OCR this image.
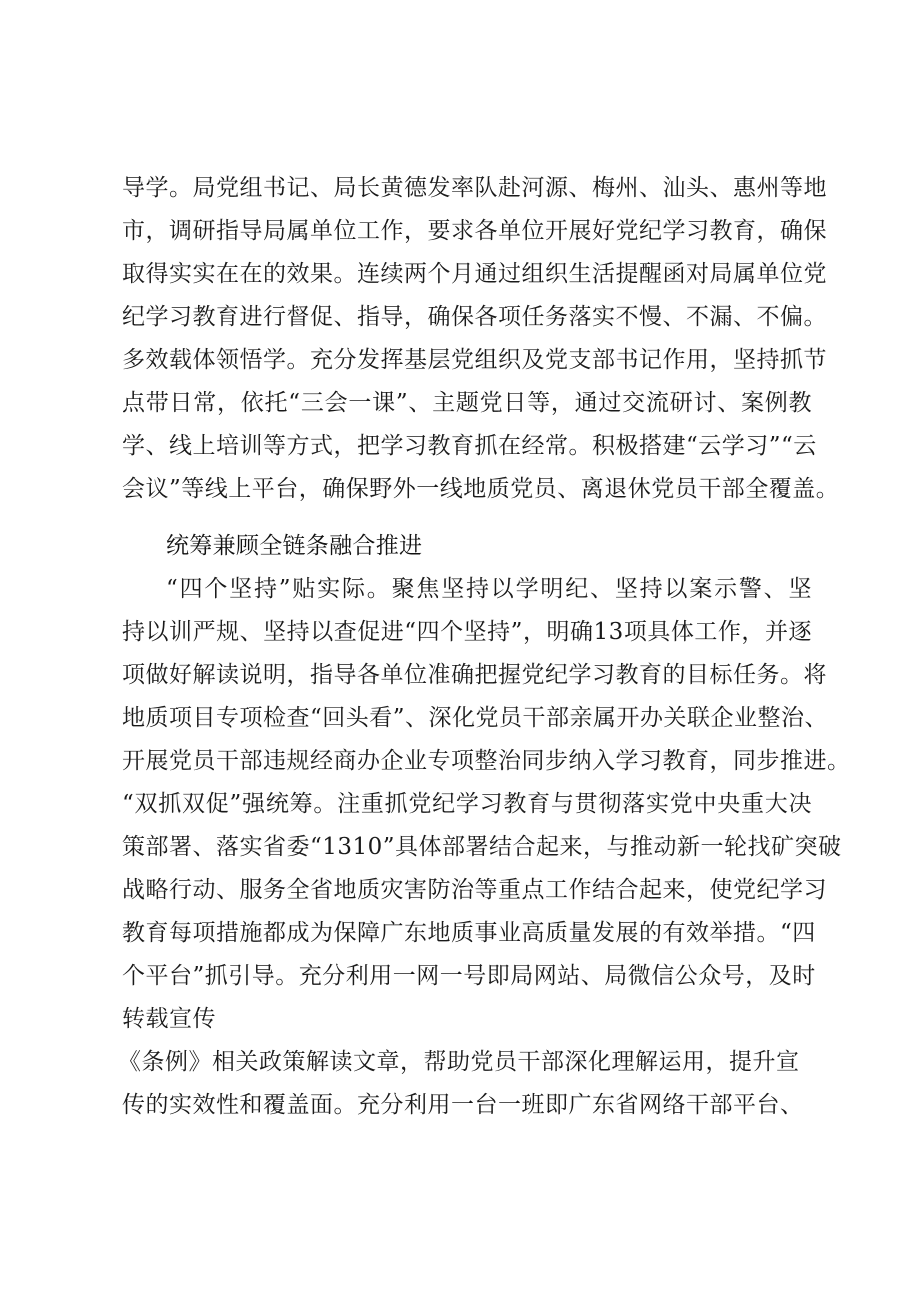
导学。局党组书记、局长黄德发率队赴河源、梅州、汕头、惠州等地
市，调研指导局属单位工作，要求各单位开展好党纪学习教育，确保
取得实实在在的效果。连续两个月通过组织生活提醒函对局属单位党
纪学习教育进行督促、指导，确保各项任务落实不慢、不漏、不偏。
多效载体领悟学。充分发挥基层党组织及党支部书记作用，坚持抓节
点带日常，依托“三会一课”、主题党日等，通过交流研讨、案例教
学、线上培训等方式，把学习教育抓在经常。积极搭建“云学习”“云
会议”等线上平台，确保野外一线地质党员、离退休党员干部全覆盖。
统筹兼顾全链条融合推进
“四个坚持”贴实际。聚焦坚持以学明纪、坚持以案示警、坚
持以训严规、坚持以查促进“四个坚持”，明确13项具体工作，并逐
项做好解读说明，指导各单位准确把握党纪学习教育的目标任务。将
地质项目专项检查“回头看”、深化党员干部亲属开办关联企业整治、
开展党员干部违规经商办企业专项整治同步纳入学习教育，同步推进。
“双抓双促”强统筹。注重抓党纪学习教育与贯彻落实党中央重大决
策部署、落实省委“1310”具体部署结合起来，与推动新一轮找矿突破
战略行动、服务全省地质灾害防治等重点工作结合起来，使党纪学习
教育每项措施都成为保障广东地质事业高质量发展的有效举措。“四
个平台”抓引导。充分利用一网一号即局网站、局微信公众号，及时
转载宣传
《条例》相关政策解读文章，帮助党员干部深化理解运用，提升宣
传的实效性和覆盖面。充分利用一台一班即广东省网络干部平台、
